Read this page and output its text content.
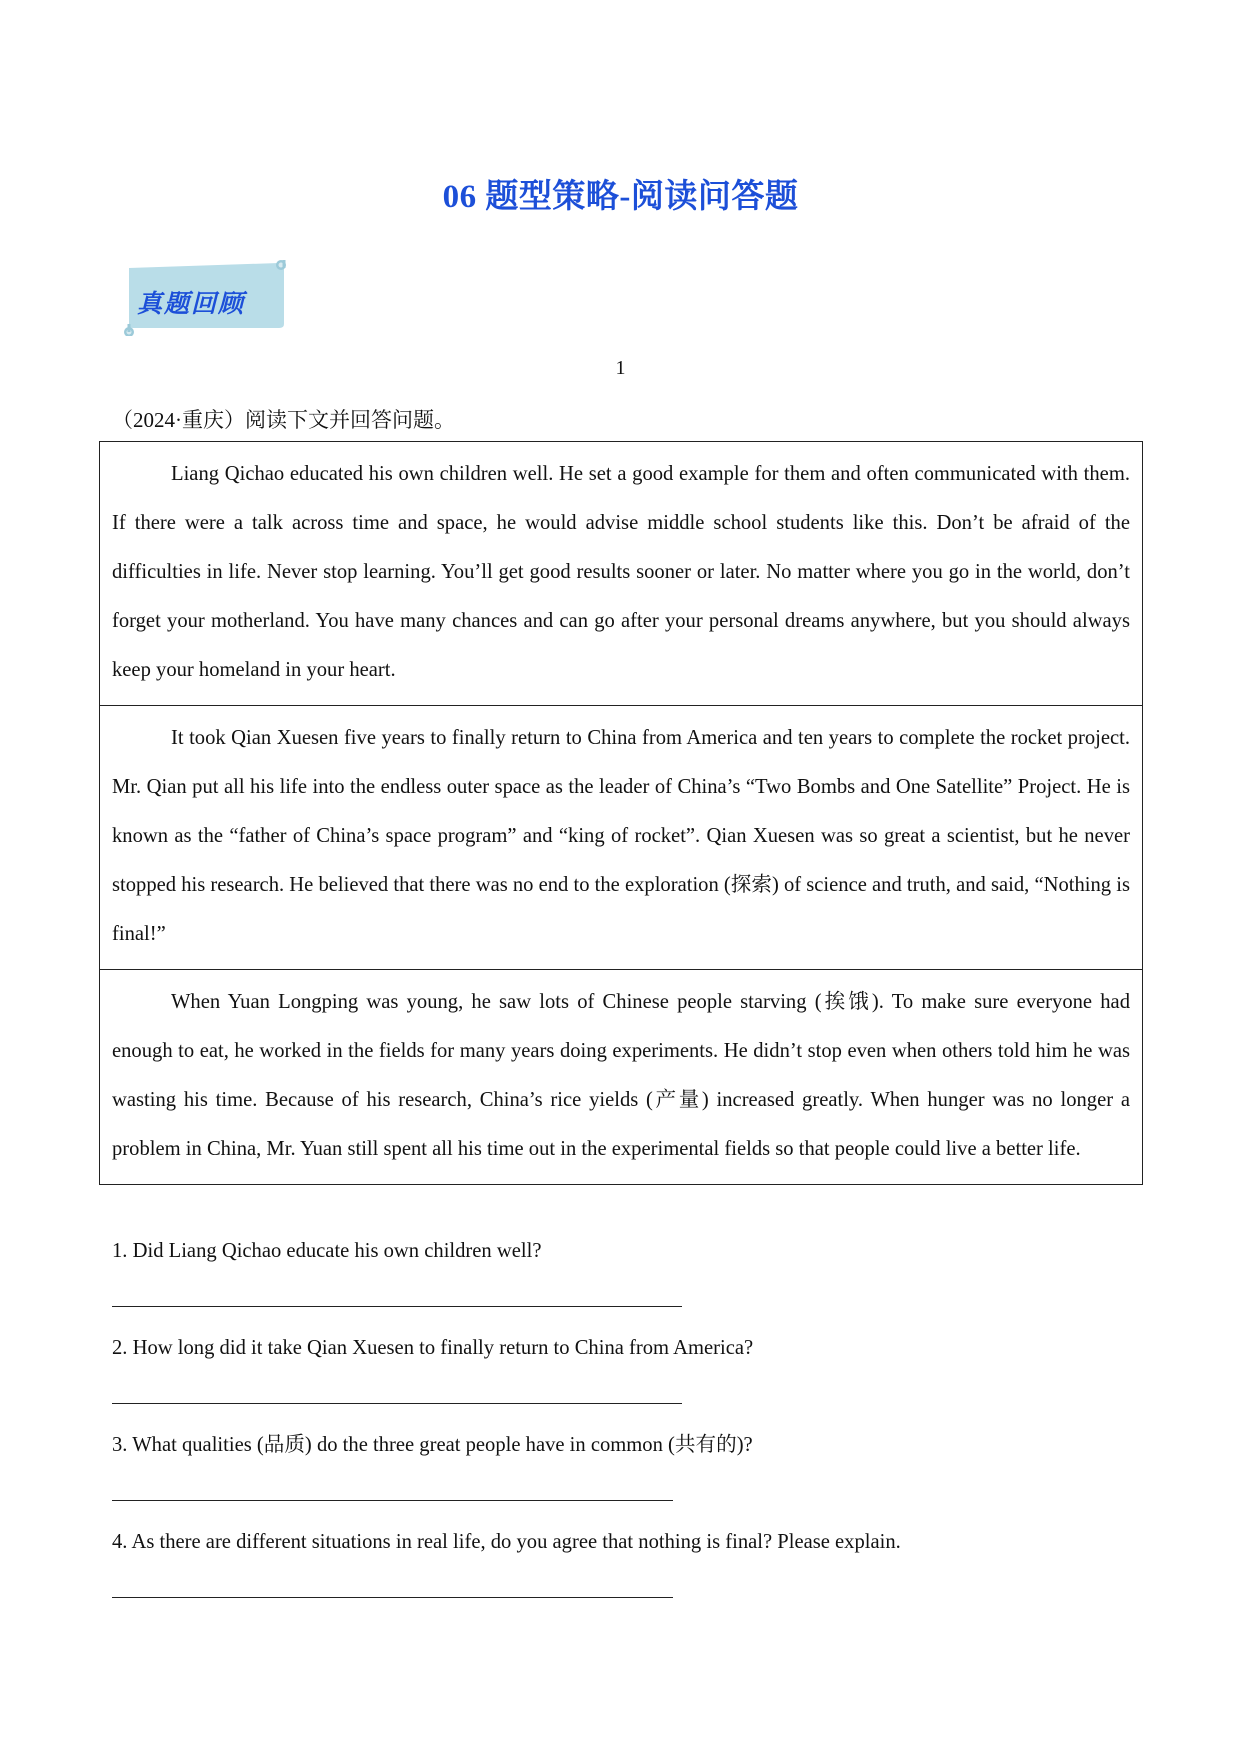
06 题型策略-阅读问答题
真题回顾
1
（2024·重庆）阅读下文并回答问题。
Liang Qichao educated his own children well. He set a good example for them and often communicated with them. If there were a talk across time and space, he would advise middle school students like this. Don’t be afraid of the difficulties in life. Never stop learning. You’ll get good results sooner or later. No matter where you go in the world, don’t forget your motherland. You have many chances and can go after your personal dreams anywhere, but you should always keep your homeland in your heart.
It took Qian Xuesen five years to finally return to China from America and ten years to complete the rocket project. Mr. Qian put all his life into the endless outer space as the leader of China’s “Two Bombs and One Satellite” Project. He is known as the “father of China’s space program” and “king of rocket”. Qian Xuesen was so great a scientist, but he never stopped his research. He believed that there was no end to the exploration (探索) of science and truth, and said, “Nothing is final!”
When Yuan Longping was young, he saw lots of Chinese people starving (挨饿). To make sure everyone had enough to eat, he worked in the fields for many years doing experiments. He didn’t stop even when others told him he was wasting his time. Because of his research, China’s rice yields (产量) increased greatly. When hunger was no longer a problem in China, Mr. Yuan still spent all his time out in the experimental fields so that people could live a better life.
1. Did Liang Qichao educate his own children well?
2. How long did it take Qian Xuesen to finally return to China from America?
3. What qualities (品质) do the three great people have in common (共有的)?
4. As there are different situations in real life, do you agree that nothing is final? Please explain.
